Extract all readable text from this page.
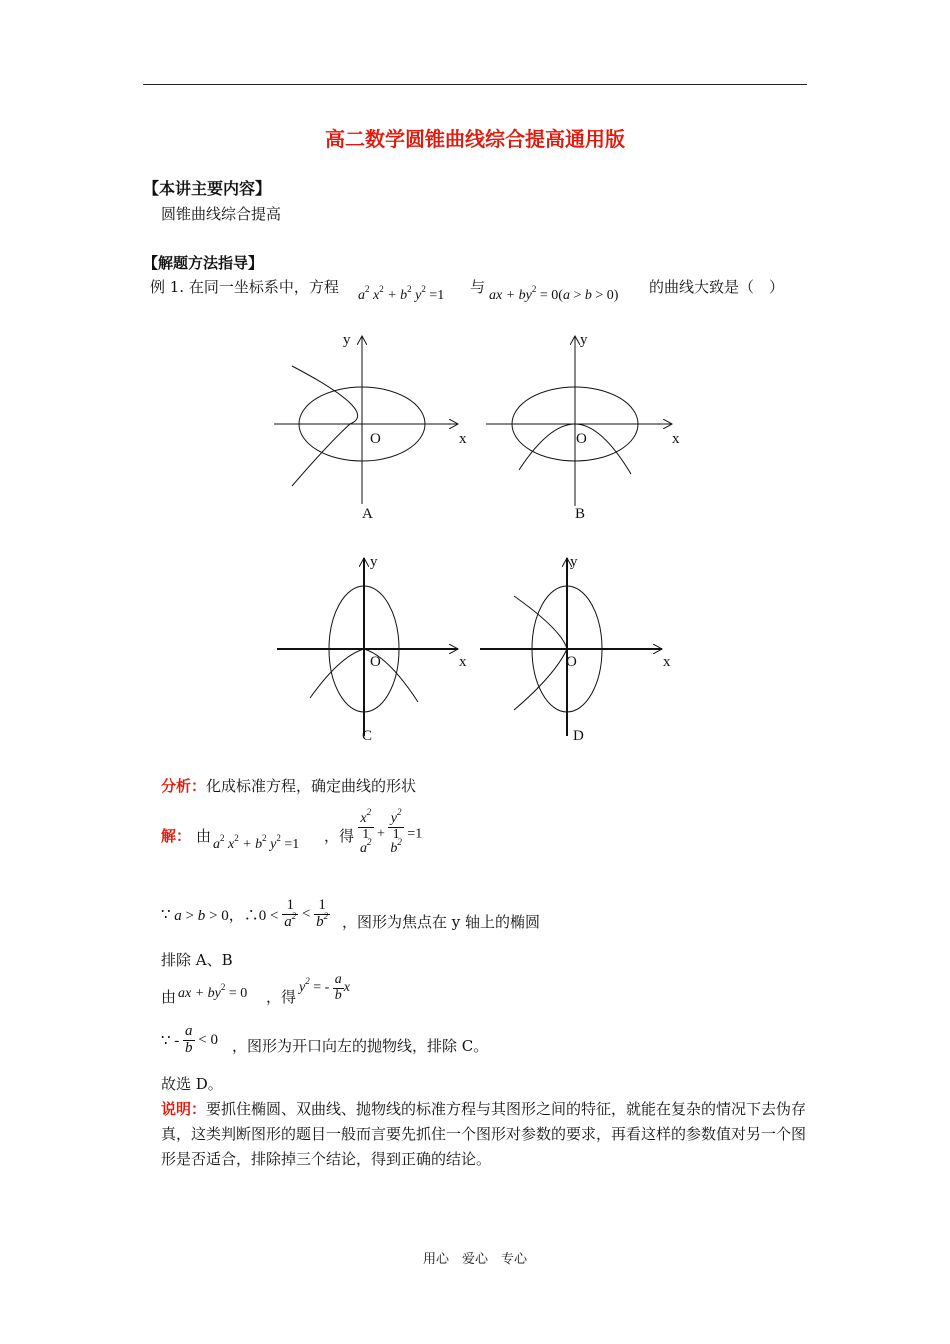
高二数学圆锥曲线综合提高通用版
【本讲主要内容】
圆锥曲线综合提高
【解题方法指导】
例 1. 在同一坐标系中，方程 $a^2$ $x^2 + b^2$ $y^2 =1$ 与 ax + $by^2 = 0(a > b > 0)$ 的曲线大致是（　）
y
x
O
A
y
x
O
B
y
x
O
C
y
x
O
D
分析：化成标准方程，确定曲线的形状
解： 由 $a^2$ $x^2 + b^2$ $y^2 =1$ ，得
$x^2$
1
$a^2$
+
$y^2$
1
$b^2$
=1
∵ a > b > 0，∴0 < $\frac{1}{a^2} < \frac{1}{b^2}$ ，图形为焦点在 y 轴上的椭圆
排除 A、B
由 ax + $by^2 = 0$ ，得
$y^2$ = - $\frac{a}{b}$ x
∵ - $\frac{a}{b} < 0$ ，图形为开口向左的抛物线，排除 C。
故选 D。
说明：要抓住椭圆、双曲线、抛物线的标准方程与其图形之间的特征，就能在复杂的情况下去伪存真，这类判断图形的题目一般而言要先抓住一个图形对参数的要求，再看这样的参数值对另一个图形是否适合，排除掉三个结论，得到正确的结论。
用心　爱心　专心
